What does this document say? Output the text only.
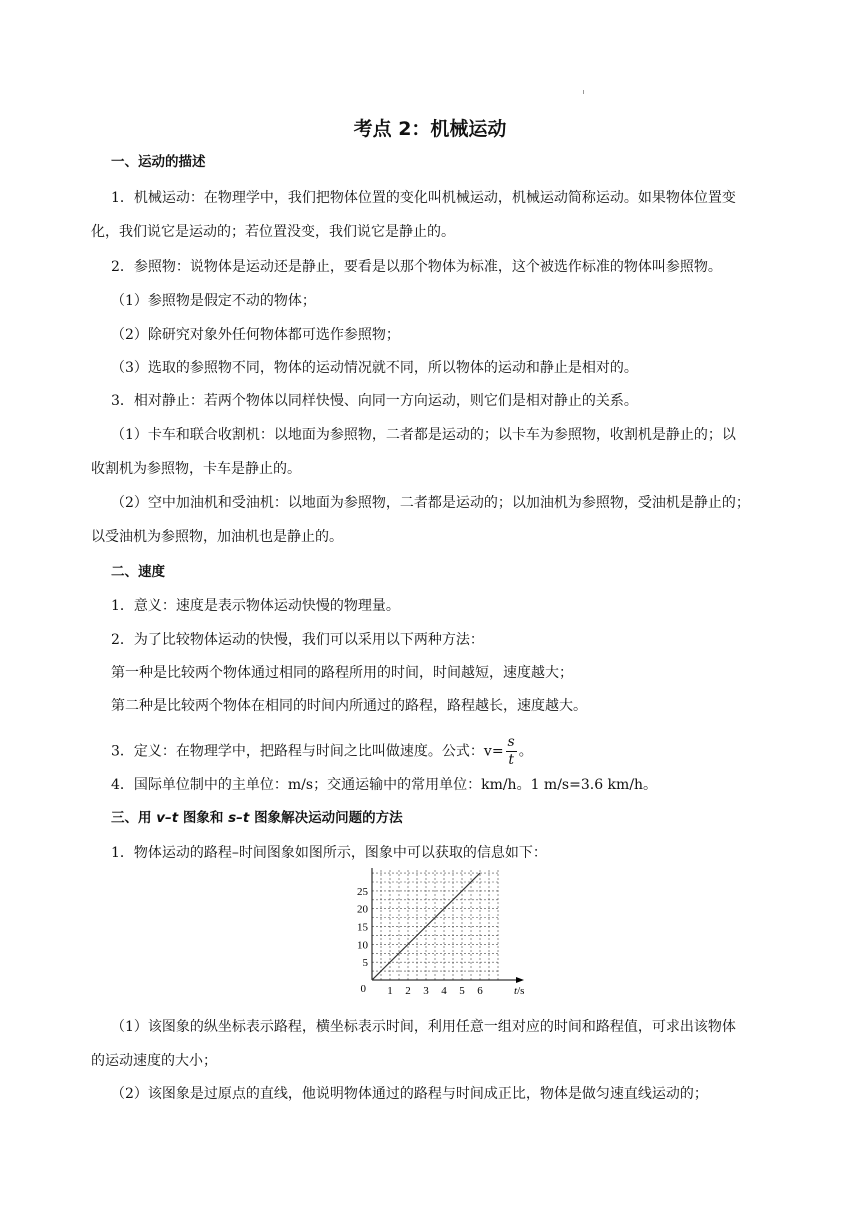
考点 2：机械运动
一、运动的描述
1．机械运动：在物理学中，我们把物体位置的变化叫机械运动，机械运动简称运动。如果物体位置变
化，我们说它是运动的；若位置没变，我们说它是静止的。
2．参照物：说物体是运动还是静止，要看是以那个物体为标准，这个被选作标准的物体叫参照物。
（1）参照物是假定不动的物体；
（2）除研究对象外任何物体都可选作参照物；
（3）选取的参照物不同，物体的运动情况就不同，所以物体的运动和静止是相对的。
3．相对静止：若两个物体以同样快慢、向同一方向运动，则它们是相对静止的关系。
（1）卡车和联合收割机：以地面为参照物，二者都是运动的；以卡车为参照物，收割机是静止的；以
收割机为参照物，卡车是静止的。
（2）空中加油机和受油机：以地面为参照物，二者都是运动的；以加油机为参照物，受油机是静止的；
以受油机为参照物，加油机也是静止的。
二、速度
1．意义：速度是表示物体运动快慢的物理量。
2．为了比较物体运动的快慢，我们可以采用以下两种方法：
第一种是比较两个物体通过相同的路程所用的时间，时间越短，速度越大；
第二种是比较两个物体在相同的时间内所通过的路程，路程越长，速度越大。
3．定义：在物理学中，把路程与时间之比叫做速度。公式：$v= \frac{s}{t}$ 。
4．国际单位制中的主单位：m/s；交通运输中的常用单位：km/h。1 m/s=3.6 km/h。
三、用 v–t 图象和 s–t 图象解决运动问题的方法
1．物体运动的路程–时间图象如图所示，图象中可以获取的信息如下：
1 2 3 4 5 6
5
10
15
20
25
0	t/s
（1）该图象的纵坐标表示路程，横坐标表示时间，利用任意一组对应的时间和路程值，可求出该物体
的运动速度的大小；
（2）该图象是过原点的直线，他说明物体通过的路程与时间成正比，物体是做匀速直线运动的；
